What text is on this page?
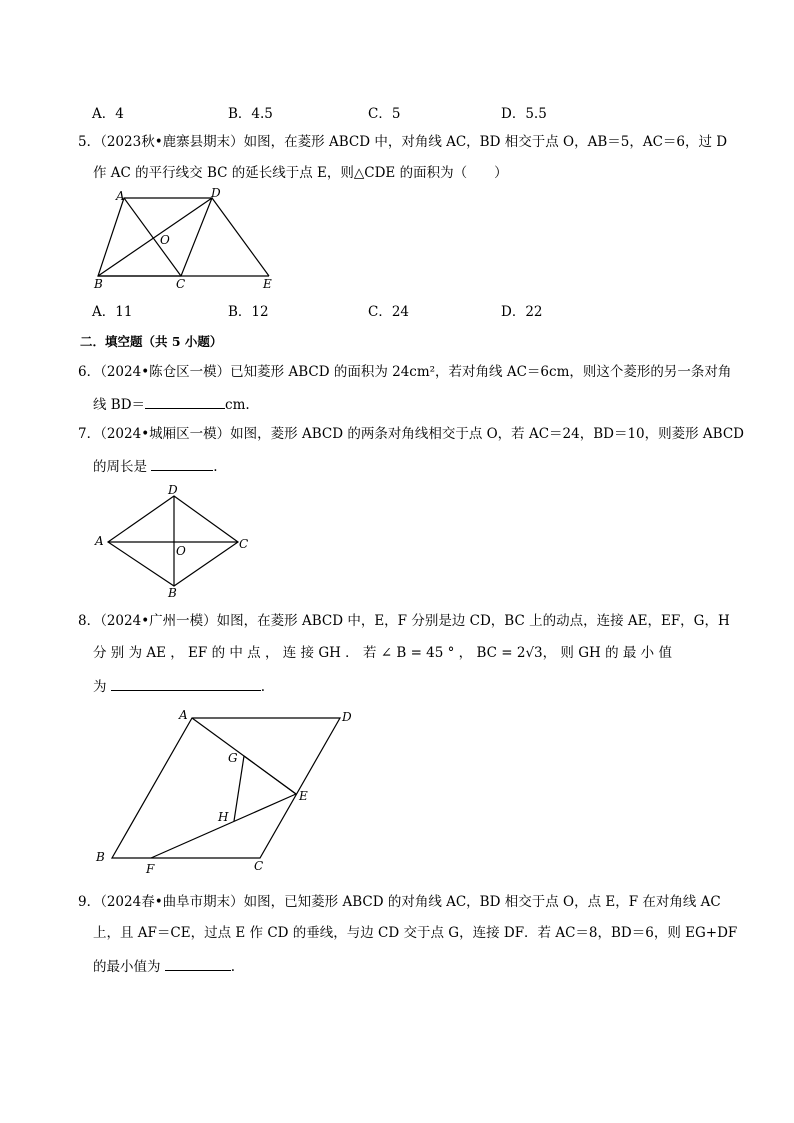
A．4	B．4.5	C．5	D．5.5
5．（2023秋•鹿寨县期末）如图，在菱形 ABCD 中，对角线 AC，BD 相交于点 O，AB＝5，AC＝6，过 D
作 AC 的平行线交 BC 的延长线于点 E，则△CDE 的面积为（　　）
A	D
O
B	C	E
A．11	B．12	C．24	D．22
二．填空题（共 5 小题）
6．（2024•陈仓区一模）已知菱形 ABCD 的面积为 24cm²，若对角线 AC＝6cm，则这个菱形的另一条对角
线 BD＝	cm.
7．（2024•城厢区一模）如图，菱形 ABCD 的两条对角线相交于点 O，若 AC＝24，BD＝10，则菱形 ABCD
的周长是	.
D
A
O	C
B
8．（2024•广州一模）如图，在菱形 ABCD 中，E，F 分别是边 CD，BC 上的动点，连接 AE，EF，G，H
分 别 为 AE ， EF 的 中 点 ， 连 接 GH ． 若 ∠ B = 45 ° ， BC = 2√3， 则 GH 的 最 小 值
为	.
A	D
G
E
H
B
F	C
9．（2024春•曲阜市期末）如图，已知菱形 ABCD 的对角线 AC，BD 相交于点 O，点 E，F 在对角线 AC
上，且 AF＝CE，过点 E 作 CD 的垂线，与边 CD 交于点 G，连接 DF．若 AC＝8，BD＝6，则 EG+DF
的最小值为	.
